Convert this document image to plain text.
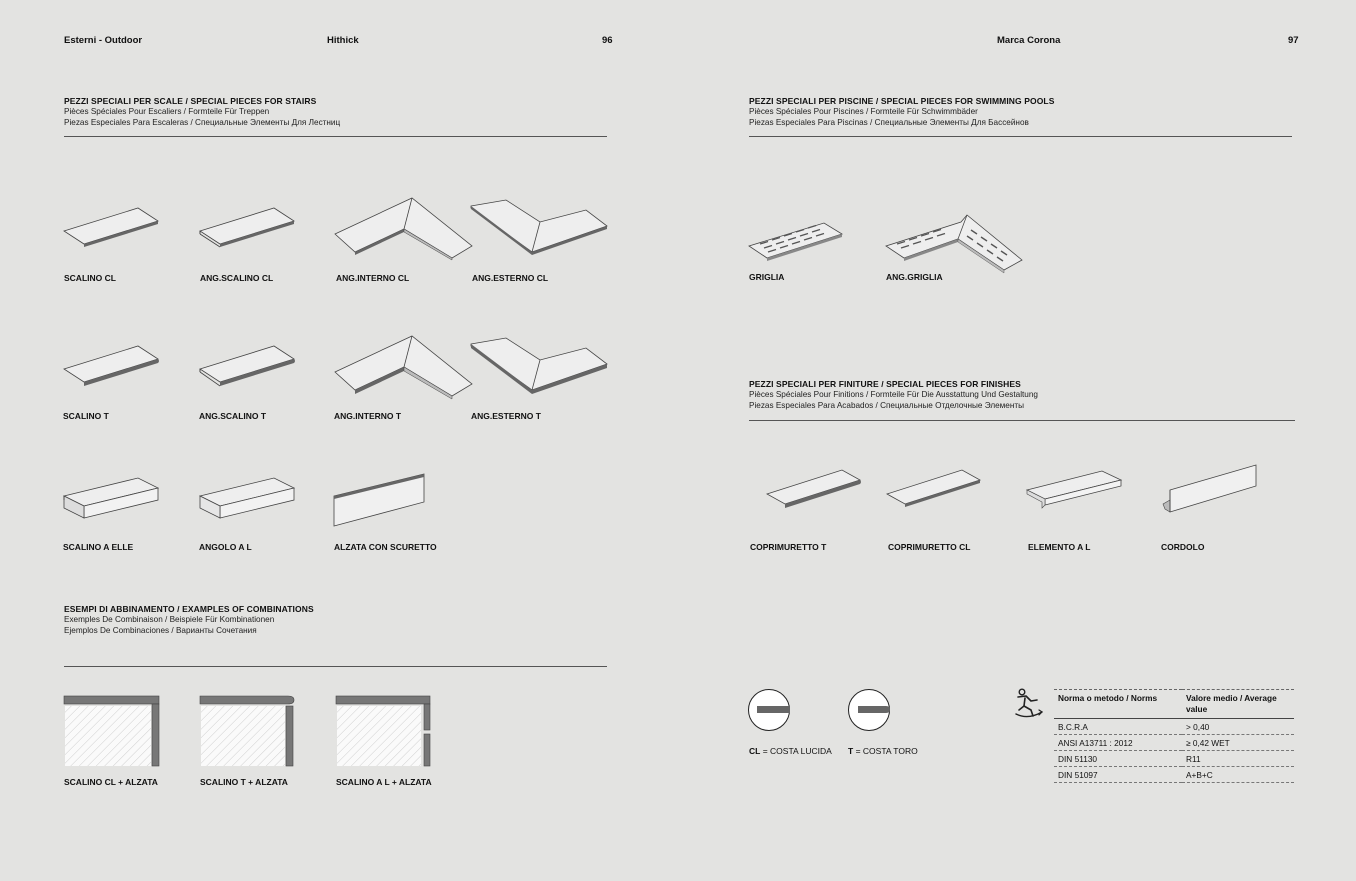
Esterni - Outdoor	Hithick	96	Marca Corona	97
PEZZI SPECIALI PER SCALE / SPECIAL PIECES FOR STAIRS
Pièces Spéciales Pour Escaliers / Formteile Für Treppen
Piezas Especiales Para Escaleras / Специальные Элементы Для Лестниц
SCALINO CL	ANG.SCALINO CL	ANG.INTERNO CL	ANG.ESTERNO CL
SCALINO T	ANG.SCALINO T	ANG.INTERNO T	ANG.ESTERNO T
SCALINO A ELLE	ANGOLO A L	ALZATA CON SCURETTO
ESEMPI DI ABBINAMENTO / EXAMPLES OF COMBINATIONS
Exemples De Combinaison / Beispiele Für Kombinationen
Ejemplos De Combinaciones / Варианты Сочетания
SCALINO CL + ALZATA	SCALINO T + ALZATA	SCALINO A L + ALZATA
PEZZI SPECIALI PER PISCINE / SPECIAL PIECES FOR SWIMMING POOLS
Pièces Spéciales Pour Piscines / Formteile Für Schwimmbäder
Piezas Especiales Para Piscinas / Специальные Элементы Для Бассейнов
GRIGLIA	ANG.GRIGLIA
PEZZI SPECIALI PER FINITURE / SPECIAL PIECES FOR FINISHES
Pièces Spéciales Pour Finitions / Formteile Für Die Ausstattung Und Gestaltung
Piezas Especiales Para Acabados / Специальные Отделочные Элементы
COPRIMURETTO T	COPRIMURETTO CL	ELEMENTO A L	CORDOLO
CL = COSTA LUCIDA T = COSTA TORO
Norma o metodo / Norms	Valore medio / Average value
B.C.R.A	> 0,40
ANSI A13711 : 2012	≥ 0,42 WET
DIN 51130	R11
DIN 51097	A+B+C
